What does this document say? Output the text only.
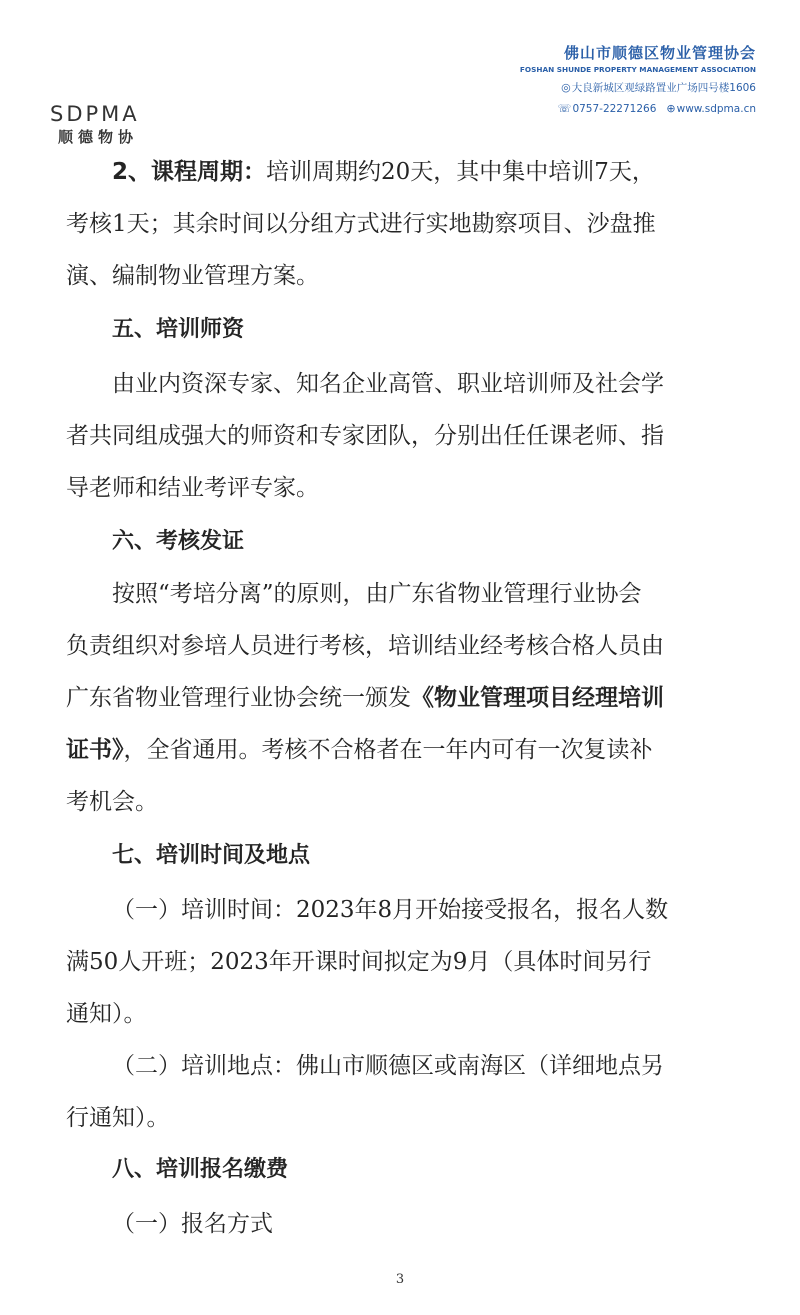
SDPMA
顺德物协
佛山市顺德区物业管理协会
FOSHAN SHUNDE PROPERTY MANAGEMENT ASSOCIATION
◎大良新城区观绿路置业广场四号楼1606
☏0757-22271266 ⊕www.sdpma.cn
2、课程周期：培训周期约20天，其中集中培训7天，
考核1天；其余时间以分组方式进行实地勘察项目、沙盘推
演、编制物业管理方案。
五、培训师资
由业内资深专家、知名企业高管、职业培训师及社会学
者共同组成强大的师资和专家团队，分别出任任课老师、指
导老师和结业考评专家。
六、考核发证
按照“考培分离”的原则，由广东省物业管理行业协会
负责组织对参培人员进行考核，培训结业经考核合格人员由
广东省物业管理行业协会统一颁发《物业管理项目经理培训
证书》，全省通用。考核不合格者在一年内可有一次复读补
考机会。
七、培训时间及地点
（一）培训时间：2023年8月开始接受报名，报名人数
满50人开班；2023年开课时间拟定为9月（具体时间另行
通知）。
（二）培训地点：佛山市顺德区或南海区（详细地点另
行通知）。
八、培训报名缴费
（一）报名方式
3
